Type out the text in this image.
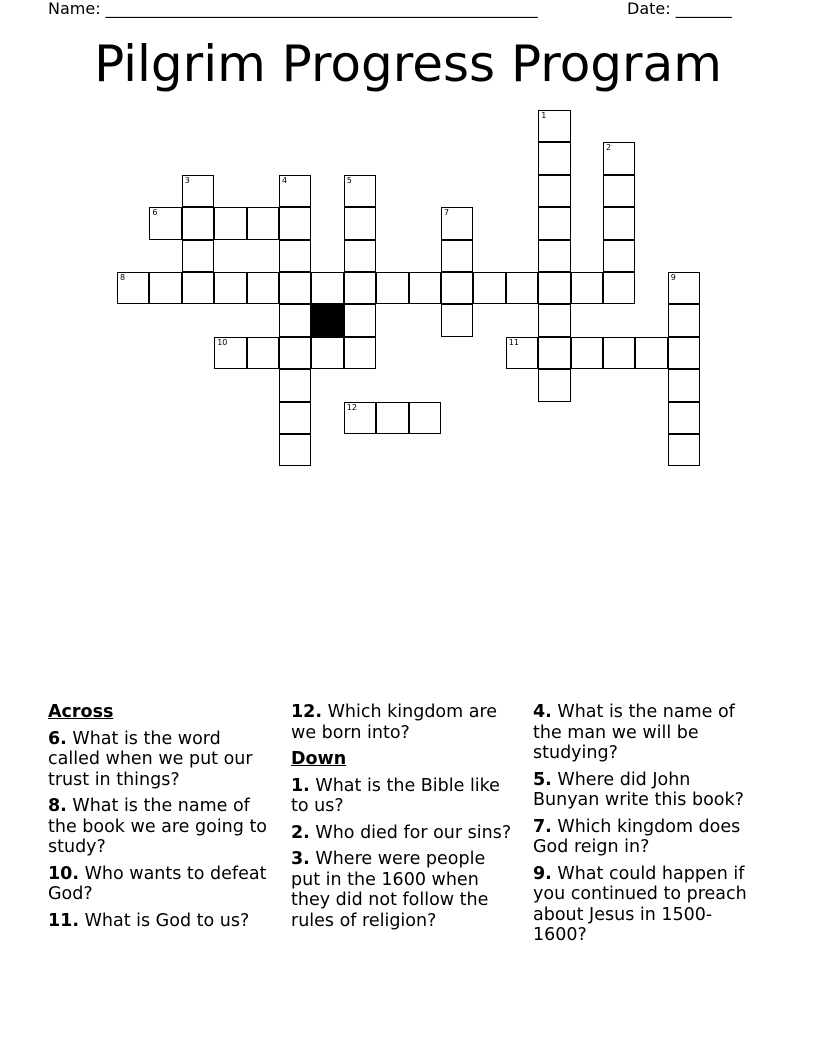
Name: ______________________________________________________	Date: _______
Pilgrim Progress Program
1
2
3	4	5
6	7
8	9
10	11
12
Across
6. What is the word called when we put our trust in things?
8. What is the name of the book we are going to study?
10. Who wants to defeat God?
11. What is God to us?
12. Which kingdom are we born into?
Down
1. What is the Bible like to us?
2. Who died for our sins?
3. Where were people put in the 1600 when they did not follow the rules of religion?
4. What is the name of the man we will be studying?
5. Where did John Bunyan write this book?
7. Which kingdom does God reign in?
9. What could happen if you continued to preach about Jesus in 1500-1600?
